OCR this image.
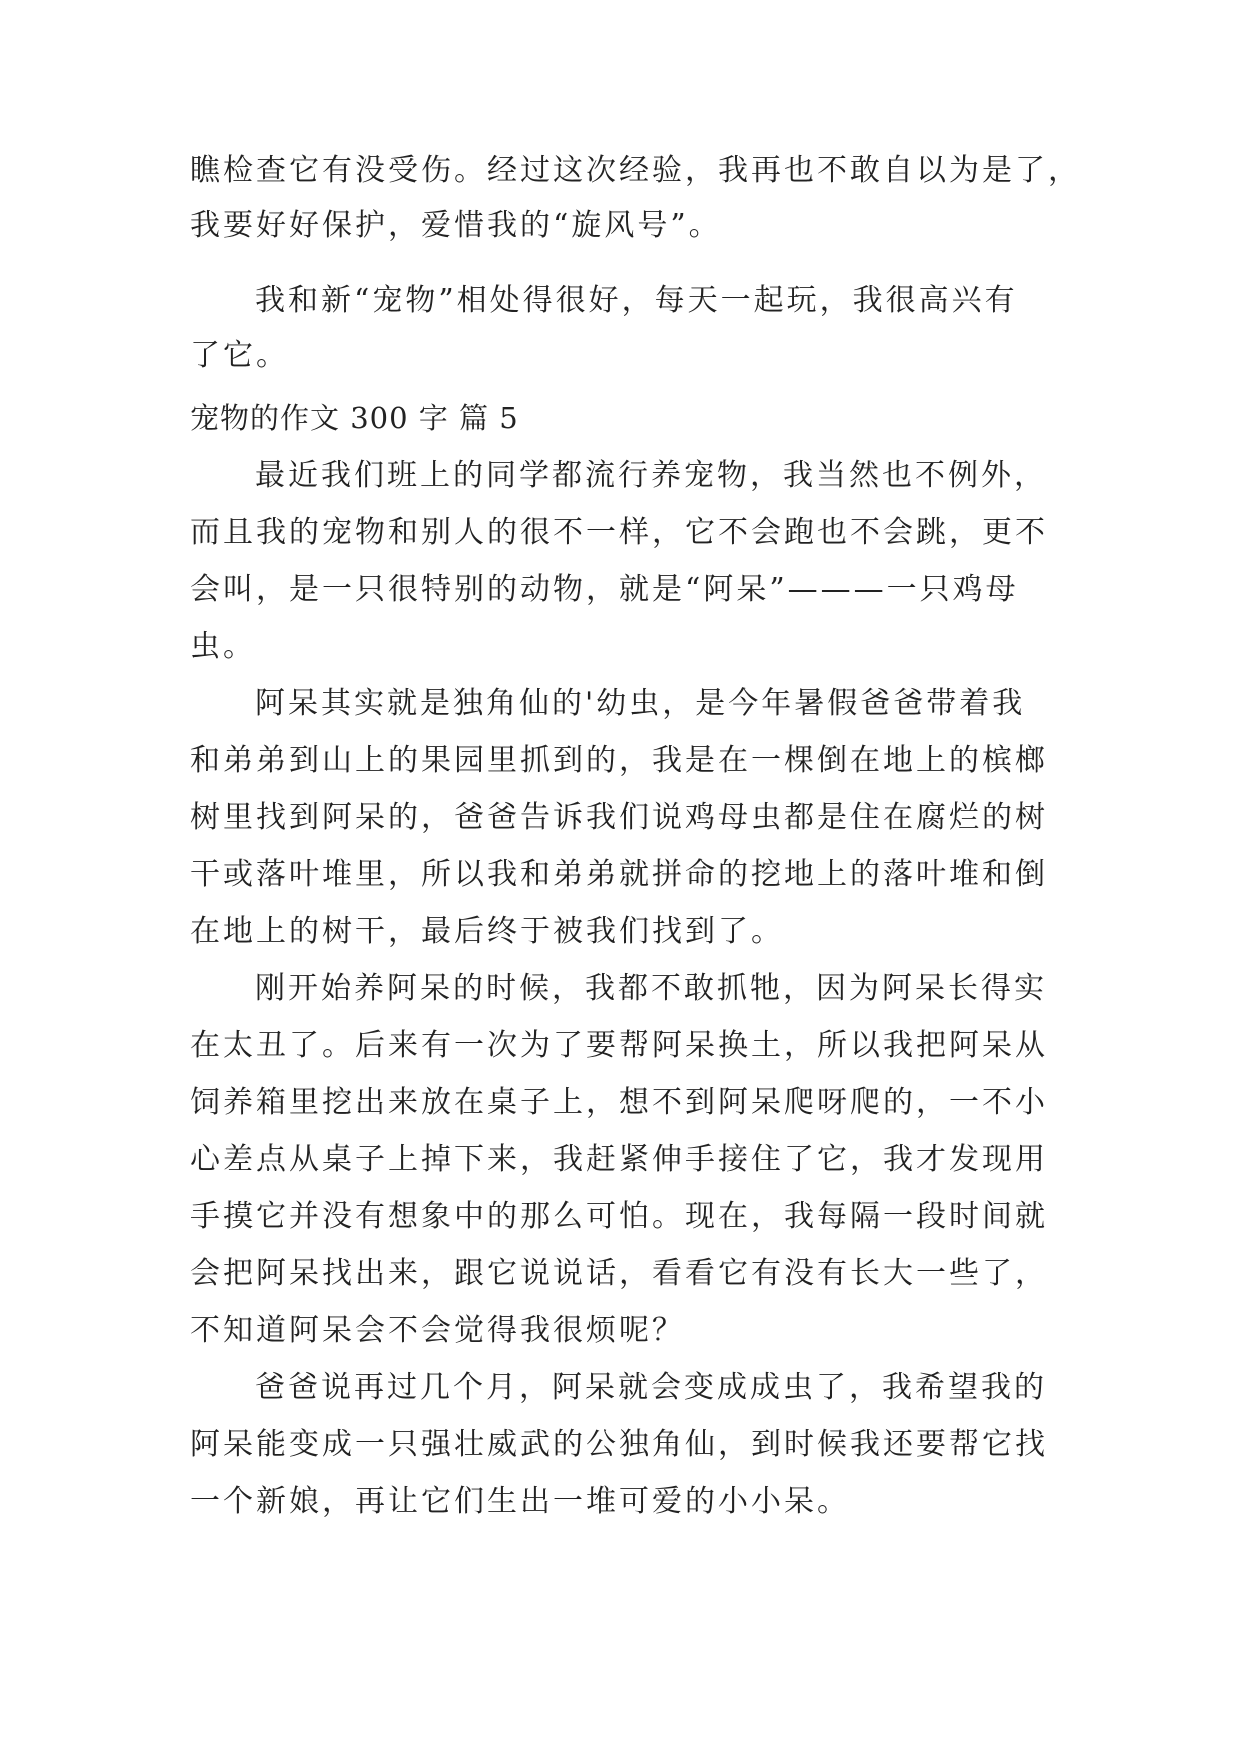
瞧检查它有没受伤。经过这次经验，我再也不敢自以为是了，
我要好好保护，爱惜我的“旋风号”。
我和新“宠物”相处得很好，每天一起玩，我很高兴有
了它。
宠物的作文 300 字 篇 5
最近我们班上的同学都流行养宠物，我当然也不例外，
而且我的宠物和别人的很不一样，它不会跑也不会跳，更不
会叫，是一只很特别的动物，就是“阿呆”———一只鸡母
虫。
阿呆其实就是独角仙的'幼虫，是今年暑假爸爸带着我
和弟弟到山上的果园里抓到的，我是在一棵倒在地上的槟榔
树里找到阿呆的，爸爸告诉我们说鸡母虫都是住在腐烂的树
干或落叶堆里，所以我和弟弟就拼命的挖地上的落叶堆和倒
在地上的树干，最后终于被我们找到了。
刚开始养阿呆的时候，我都不敢抓牠，因为阿呆长得实
在太丑了。后来有一次为了要帮阿呆换土，所以我把阿呆从
饲养箱里挖出来放在桌子上，想不到阿呆爬呀爬的，一不小
心差点从桌子上掉下来，我赶紧伸手接住了它，我才发现用
手摸它并没有想象中的那么可怕。现在，我每隔一段时间就
会把阿呆找出来，跟它说说话，看看它有没有长大一些了，
不知道阿呆会不会觉得我很烦呢？
爸爸说再过几个月，阿呆就会变成成虫了，我希望我的
阿呆能变成一只强壮威武的公独角仙，到时候我还要帮它找
一个新娘，再让它们生出一堆可爱的小小呆。
